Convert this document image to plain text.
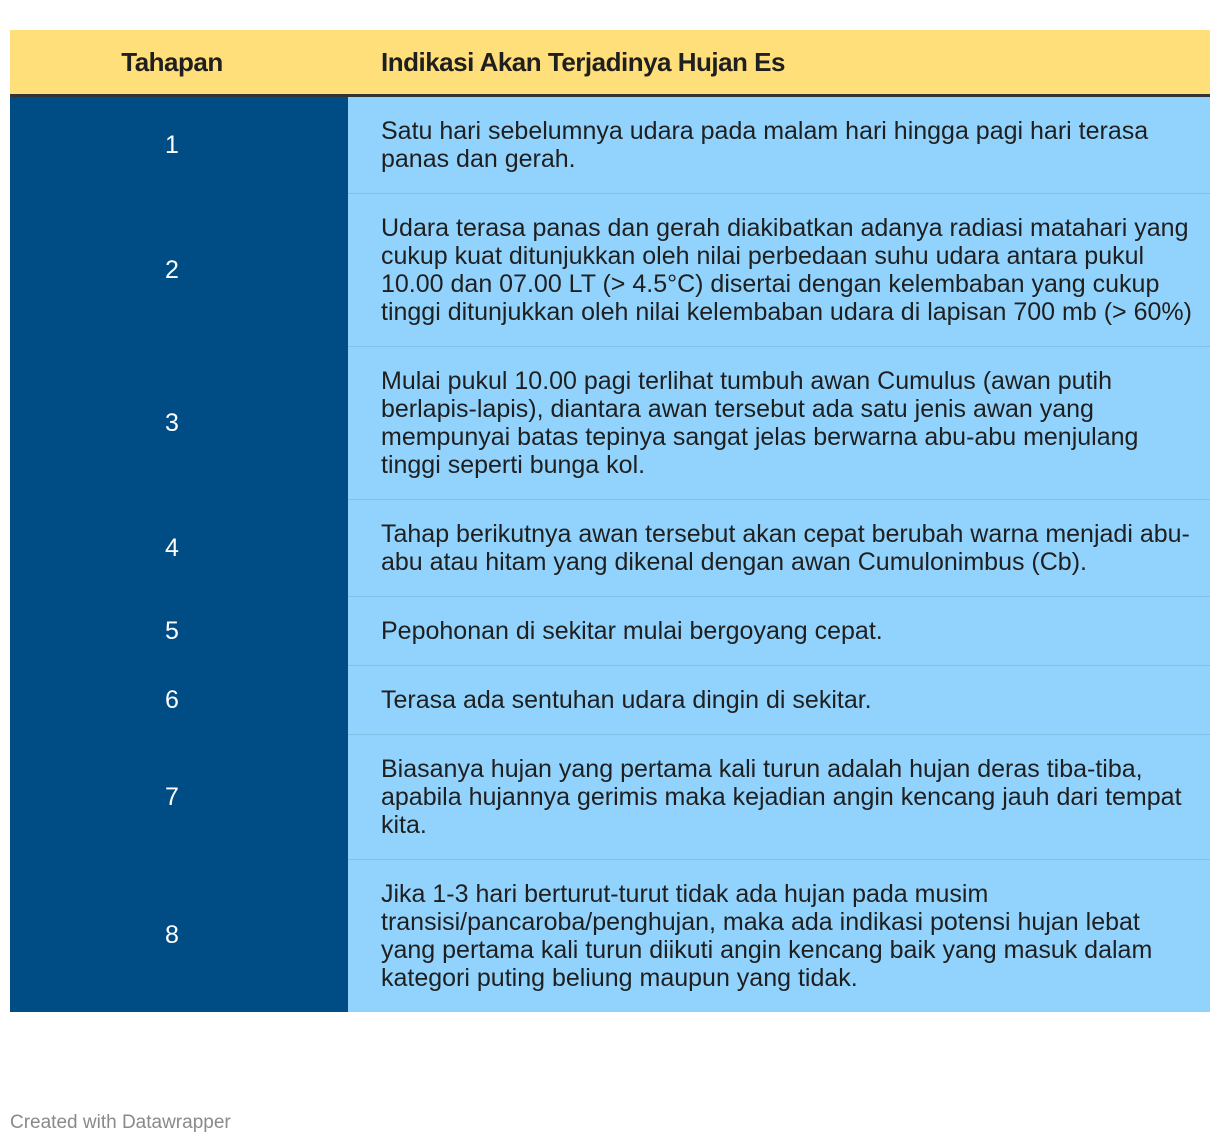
Tahapan	Indikasi Akan Terjadinya Hujan Es
1	Satu hari sebelumnya udara pada malam hari hingga pagi hari terasa panas dan gerah.
2	Udara terasa panas dan gerah diakibatkan adanya radiasi matahari yang cukup kuat ditunjukkan oleh nilai perbedaan suhu udara antara pukul 10.00 dan 07.00 LT (> 4.5°C) disertai dengan kelembaban yang cukup tinggi ditunjukkan oleh nilai kelembaban udara di lapisan 700 mb (> 60%)
3	Mulai pukul 10.00 pagi terlihat tumbuh awan Cumulus (awan putih berlapis-lapis), diantara awan tersebut ada satu jenis awan yang mempunyai batas tepinya sangat jelas berwarna abu-abu menjulang tinggi seperti bunga kol.
4	Tahap berikutnya awan tersebut akan cepat berubah warna menjadi abu-abu atau hitam yang dikenal dengan awan Cumulonimbus (Cb).
5	Pepohonan di sekitar mulai bergoyang cepat.
6	Terasa ada sentuhan udara dingin di sekitar.
7	Biasanya hujan yang pertama kali turun adalah hujan deras tiba-tiba, apabila hujannya gerimis maka kejadian angin kencang jauh dari tempat kita.
8	Jika 1-3 hari berturut-turut tidak ada hujan pada musim transisi/pancaroba/penghujan, maka ada indikasi potensi hujan lebat yang pertama kali turun diikuti angin kencang baik yang masuk dalam kategori puting beliung maupun yang tidak.
Created with Datawrapper
